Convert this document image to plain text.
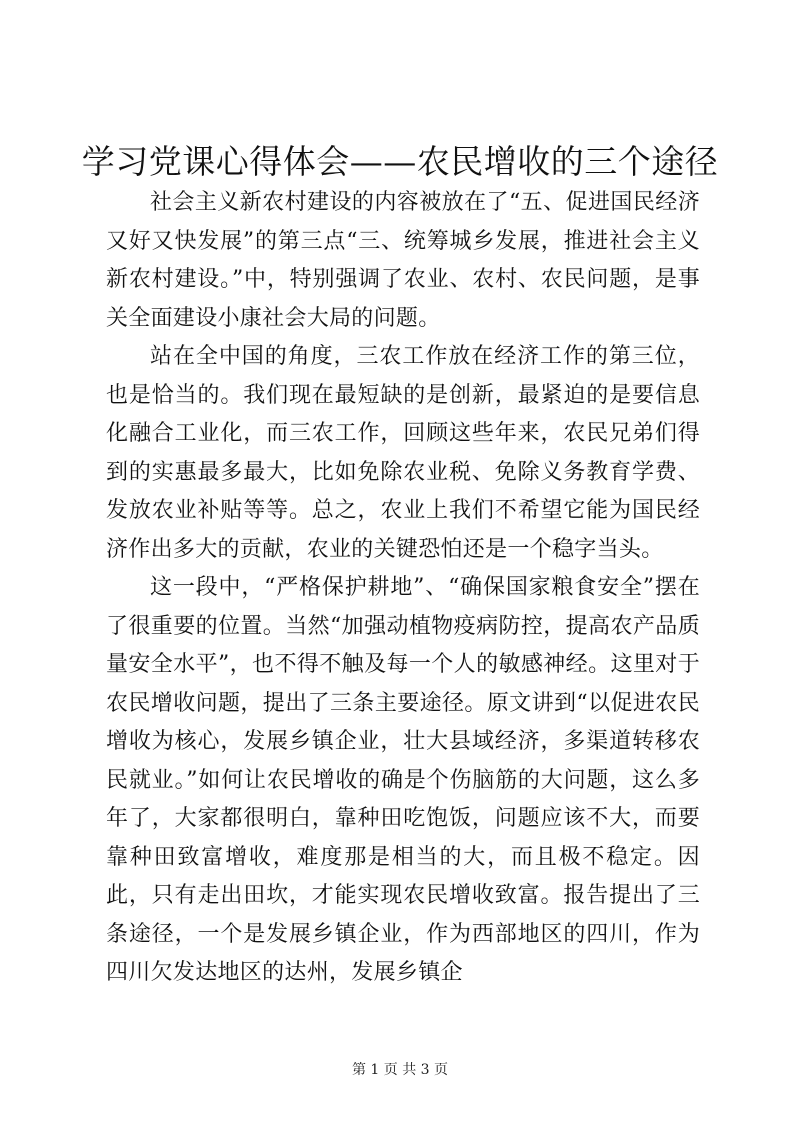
学习党课心得体会——农民增收的三个途径

社会主义新农村建设的内容被放在了“五、促进国民经济又好又快发展”的第三点“三、统筹城乡发展，推进社会主义新农村建设。”中，特别强调了农业、农村、农民问题，是事关全面建设小康社会大局的问题。

站在全中国的角度，三农工作放在经济工作的第三位，也是恰当的。我们现在最短缺的是创新，最紧迫的是要信息化融合工业化，而三农工作，回顾这些年来，农民兄弟们得到的实惠最多最大，比如免除农业税、免除义务教育学费、发放农业补贴等等。总之，农业上我们不希望它能为国民经济作出多大的贡献，农业的关键恐怕还是一个稳字当头。

这一段中，“严格保护耕地”、“确保国家粮食安全”摆在了很重要的位置。当然“加强动植物疫病防控，提高农产品质量安全水平”，也不得不触及每一个人的敏感神经。这里对于农民增收问题，提出了三条主要途径。原文讲到“以促进农民增收为核心，发展乡镇企业，壮大县域经济，多渠道转移农民就业。”如何让农民增收的确是个伤脑筋的大问题，这么多年了，大家都很明白，靠种田吃饱饭，问题应该不大，而要靠种田致富增收，难度那是相当的大，而且极不稳定。因此，只有走出田坎，才能实现农民增收致富。报告提出了三条途径，一个是发展乡镇企业，作为西部地区的四川，作为四川欠发达地区的达州，发展乡镇企

第 1 页 共 3 页
